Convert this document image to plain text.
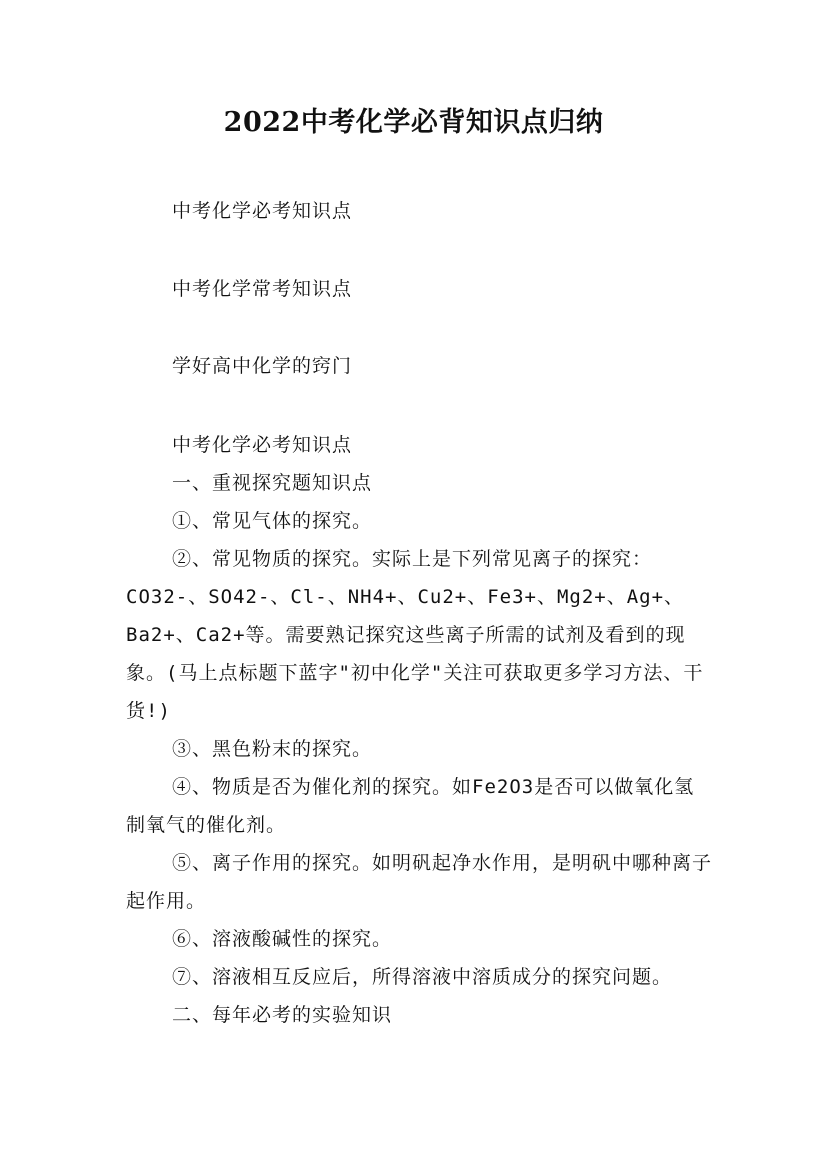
2022中考化学必背知识点归纳

中考化学必考知识点

中考化学常考知识点

学好高中化学的窍门

中考化学必考知识点

一、重视探究题知识点

①、常见气体的探究。

②、常见物质的探究。实际上是下列常见离子的探究：CO32-、SO42-、Cl-、NH4+、Cu2+、Fe3+、Mg2+、Ag+、Ba2+、Ca2+等。需要熟记探究这些离子所需的试剂及看到的现象。(马上点标题下蓝字"初中化学"关注可获取更多学习方法、干货!)

③、黑色粉末的探究。

④、物质是否为催化剂的探究。如Fe2O3是否可以做氧化氢制氧气的催化剂。

⑤、离子作用的探究。如明矾起净水作用，是明矾中哪种离子起作用。

⑥、溶液酸碱性的探究。

⑦、溶液相互反应后，所得溶液中溶质成分的探究问题。

二、每年必考的实验知识
